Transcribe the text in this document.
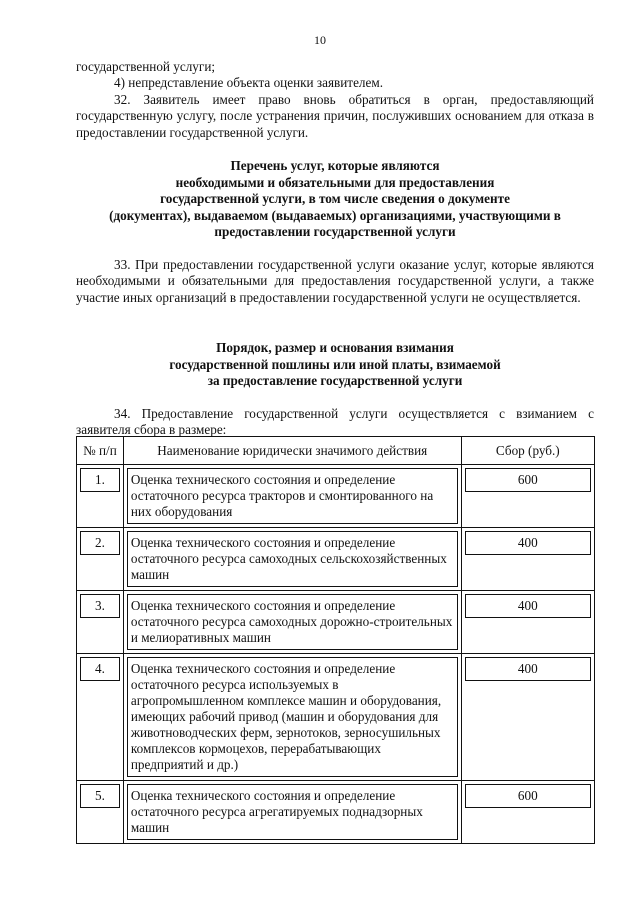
10
государственной услуги;
4) непредставление объекта оценки заявителем.
32. Заявитель имеет право вновь обратиться в орган, предоставляющий государственную услугу, после устранения причин, послуживших основанием для отказа в предоставлении государственной услуги.
Перечень услуг, которые являются
необходимыми и обязательными для предоставления
государственной услуги, в том числе сведения о документе
(документах), выдаваемом (выдаваемых) организациями, участвующими в
предоставлении государственной услуги
33. При предоставлении государственной услуги оказание услуг, которые являются необходимыми и обязательными для предоставления государственной услуги, а также участие иных организаций в предоставлении государственной услуги не осуществляется.
Порядок, размер и основания взимания
государственной пошлины или иной платы, взимаемой
за предоставление государственной услуги
34. Предоставление государственной услуги осуществляется с взиманием с заявителя сбора в размере:
№ п/п	Наименование юридически значимого действия	Сбор (руб.)

1.	Оценка технического состояния и определение остаточного ресурса тракторов и смонтированного на них оборудования	600

2.	Оценка технического состояния и определение остаточного ресурса самоходных сельскохозяйственных машин	400

3.	Оценка технического состояния и определение остаточного ресурса самоходных дорожно-строительных и мелиоративных машин	400

4.	Оценка технического состояния и определение остаточного ресурса используемых в агропромышленном комплексе машин и оборудования, имеющих рабочий привод (машин и оборудования для животноводческих ферм, зернотоков, зерносушильных комплексов кормоцехов, перерабатывающих предприятий и др.)	400

5.	Оценка технического состояния и определение остаточного ресурса агрегатируемых поднадзорных машин	600
